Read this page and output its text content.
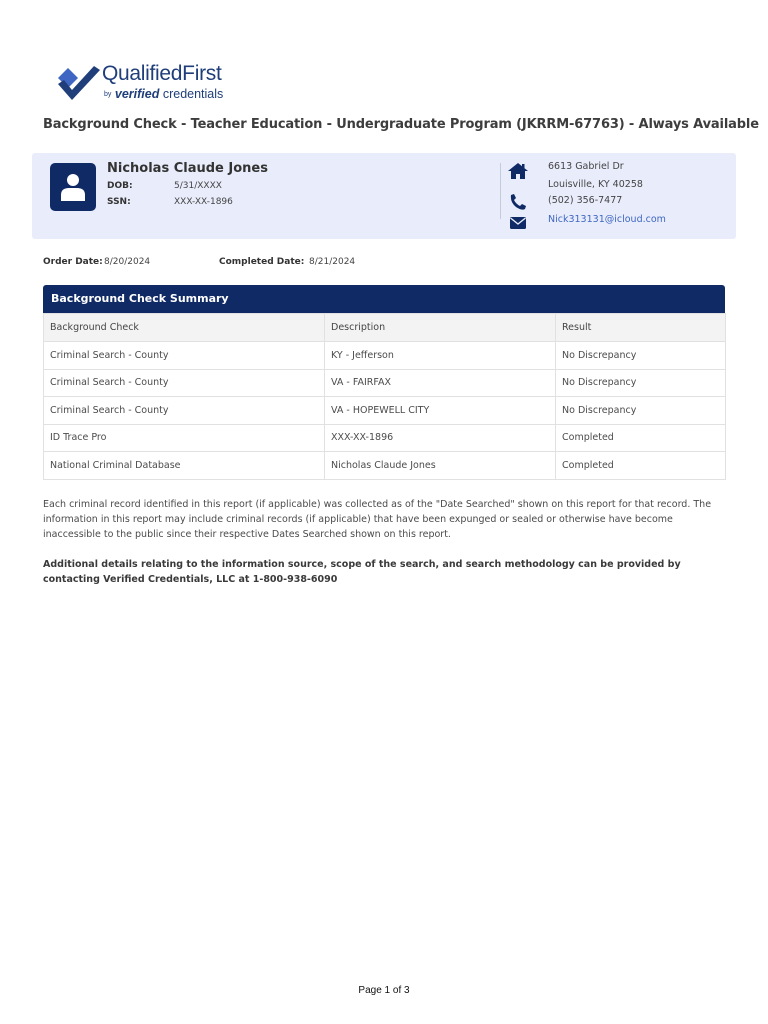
QualifiedFirst
by verified credentials
Background Check - Teacher Education - Undergraduate Program (JKRRM-67763) - Always Available
Nicholas Claude Jones
DOB:	5/31/XXXX
SSN:	XXX-XX-1896
6613 Gabriel Dr
Louisville, KY 40258
(502) 356-7477
Nick313131@icloud.com
Order Date: 8/20/2024	Completed Date: 8/21/2024
Background Check Summary
Background Check	Description	Result
Criminal Search - County	KY - Jefferson	No Discrepancy
Criminal Search - County	VA - FAIRFAX	No Discrepancy
Criminal Search - County	VA - HOPEWELL CITY	No Discrepancy
ID Trace Pro	XXX-XX-1896	Completed
National Criminal Database	Nicholas Claude Jones	Completed

Each criminal record identified in this report (if applicable) was collected as of the "Date Searched" shown on this report for that record. The information in this report may include criminal records (if applicable) that have been expunged or sealed or otherwise have become inaccessible to the public since their respective Dates Searched shown on this report.

Additional details relating to the information source, scope of the search, and search methodology can be provided by contacting Verified Credentials, LLC at 1-800-938-6090

Page 1 of 3
